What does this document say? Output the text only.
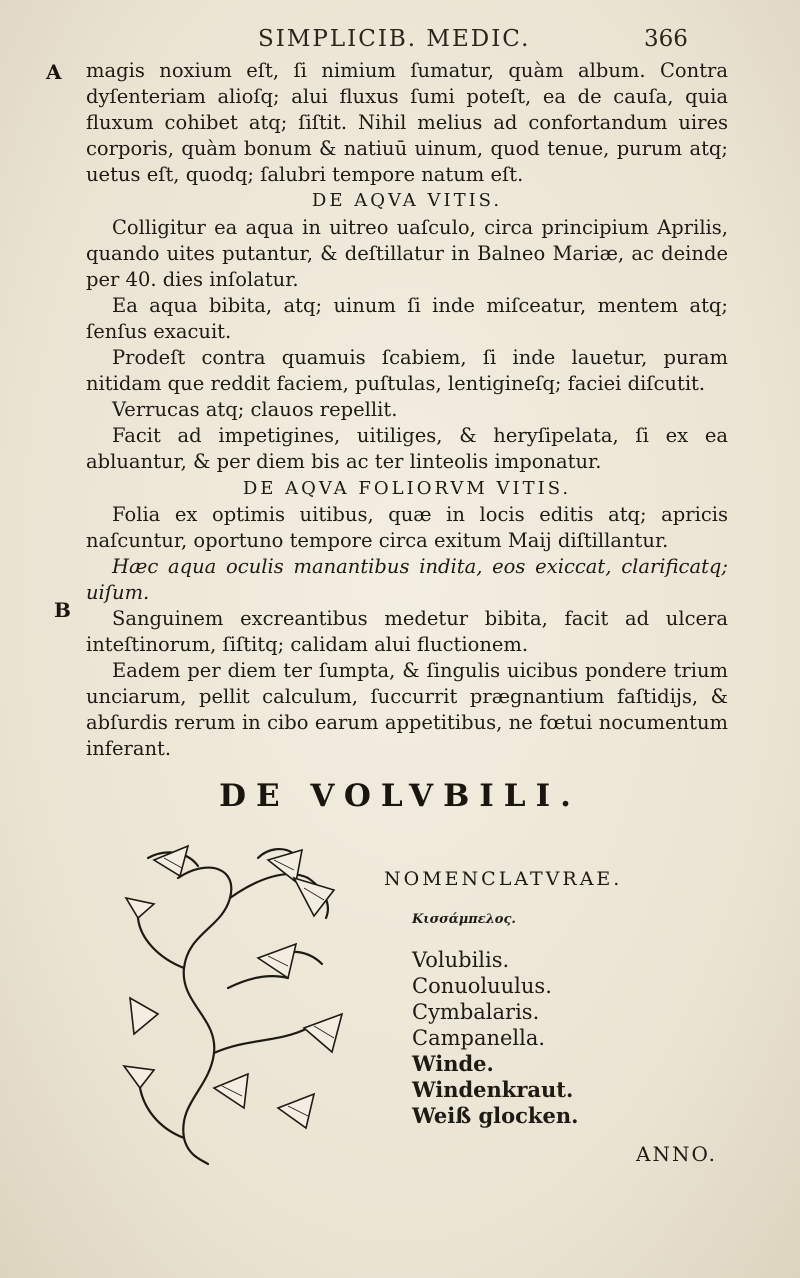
SIMPLICIB. MEDIC.	366
A
B

magis noxium eſt, ſi nimium ſumatur, quàm album. Contra dyſenteriam alioſq; alui fluxus ſumi poteſt, ea de cauſa, quia fluxum cohibet atq; ſiſtit. Nihil melius ad confortandum uires corporis, quàm bonum & natiuū uinum, quod tenue, purum atq; uetus eſt, quodq; ſalubri tempore natum eſt.

DE AQVA VITIS.

Colligitur ea aqua in uitreo uaſculo, circa principium Aprilis, quando uites putantur, & deſtillatur in Balneo Mariæ, ac deinde per 40. dies inſolatur.

Ea aqua bibita, atq; uinum ſi inde miſceatur, mentem atq; ſenſus exacuit.

Prodeſt contra quamuis ſcabiem, ſi inde lauetur, puram nitidam que reddit faciem, puſtulas, lentigineſq; faciei diſcutit.

Verrucas atq; clauos repellit.

Facit ad impetigines, uitiliges, & heryſipelata, ſi ex ea abluantur, & per diem bis ac ter linteolis imponatur.

DE AQVA FOLIORVM VITIS.

Folia ex optimis uitibus, quæ in locis editis atq; apricis naſcuntur, oportuno tempore circa exitum Maij diſtillantur.

Hæc aqua oculis manantibus indita, eos exiccat, clarificatq; uiſum.

Sanguinem excreantibus medetur bibita, facit ad ulcera inteſtinorum, ſiſtitq; calidam alui fluctionem.

Eadem per diem ter ſumpta, & ſingulis uicibus pondere trium unciarum, pellit calculum, ſuccurrit prægnantium faſtidijs, & abſurdis rerum in cibo earum appetitibus, ne fœtui nocumentum inferant.

DE VOLVBILI.

NOMENCLATVRAE.

Κισσάμπελος.

Volubilis.
Conuoluulus.
Cymbalaris.
Campanella.
Winde.
Windenkraut.
Weiß glocken.
ANNO.
